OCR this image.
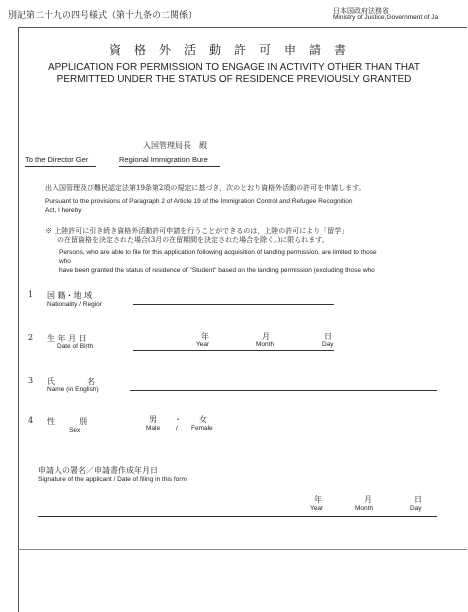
別記第二十九の四号様式（第十九条の二関係）	日本国政府法務省
Ministry of Justice,Government of Ja
資格外活動許可申請書
APPLICATION FOR PERMISSION TO ENGAGE IN ACTIVITY OTHER THAN THAT
PERMITTED UNDER THE STATUS OF RESIDENCE PREVIOUSLY GRANTED
入国管理局長　殿
To the Director Ger	Regional Immigration Bure
出入国管理及び難民認定法第19条第2項の規定に基づき，次のとおり資格外活動の許可を申請します。
Pursuant to the provisions of Paragraph 2 of Article 19 of the Immigration Control and Refugee Recognition
Act, I hereby
※ 上陸許可に引き続き資格外活動許可申請を行うことができるのは，上陸の許可により「留学」
の在留資格を決定された場合(3月の在留期間を決定された場合を除く。)に限られます。
Persons, who are able to file for this application following acquisition of landing permission, are limited to those
who
have been granted the status of residence of "Student" based on the landing permission (excluding those who
1 国 籍・地 域
Nationality / Regior
2 生 年 月 日
Date of Birth
年
Year
月
Month
日
Day
3 氏　　　　名
Name (in English)
4 性　　　別
Sex
男 ・ 女
Male / Female
申請人の署名／申請書作成年月日
Signature of the applicant / Date of filing in this form
年
Year
月
Month
日
Day
